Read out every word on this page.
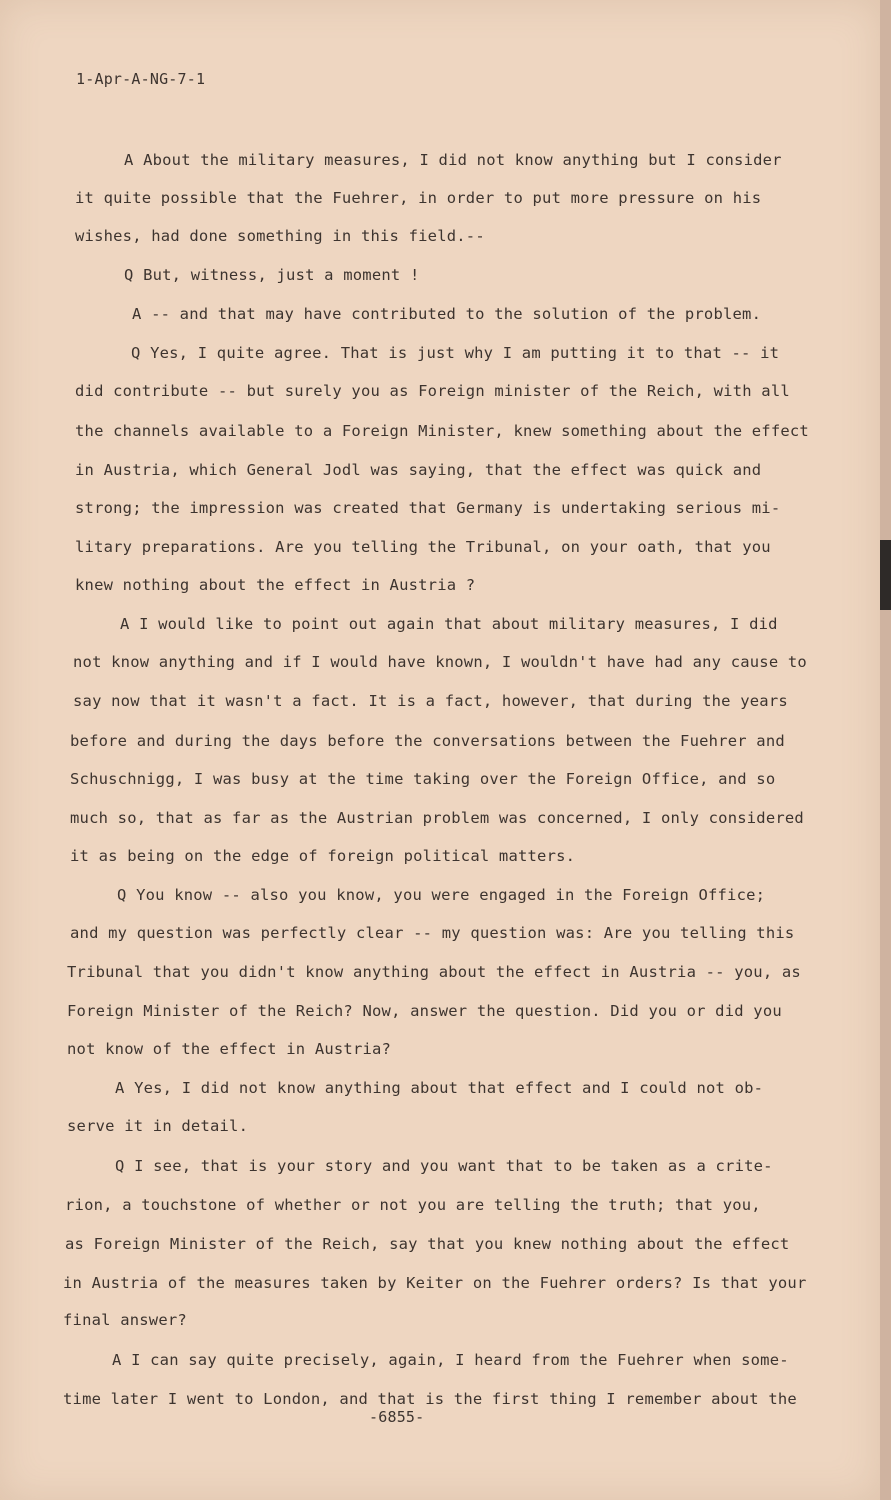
1-Apr-A-NG-7-1
A About the military measures, I did not know anything but I consider
it quite possible that the Fuehrer, in order to put more pressure on his
wishes, had done something in this field.--
Q But, witness, just a moment !
A -- and that may have contributed to the solution of the problem.
Q Yes, I quite agree. That is just why I am putting it to that -- it
did contribute -- but surely you as Foreign minister of the Reich, with all
the channels available to a Foreign Minister, knew something about the effect
in Austria, which General Jodl was saying, that the effect was quick and
strong; the impression was created that Germany is undertaking serious mi-
litary preparations. Are you telling the Tribunal, on your oath, that you
knew nothing about the effect in Austria ?
A I would like to point out again that about military measures, I did
not know anything and if I would have known, I wouldn't have had any cause to
say now that it wasn't a fact. It is a fact, however, that during the years
before and during the days before the conversations between the Fuehrer and
Schuschnigg, I was busy at the time taking over the Foreign Office, and so
much so, that as far as the Austrian problem was concerned, I only considered
it as being on the edge of foreign political matters.
Q You know -- also you know, you were engaged in the Foreign Office;
and my question was perfectly clear -- my question was: Are you telling this
Tribunal that you didn't know anything about the effect in Austria -- you, as
Foreign Minister of the Reich? Now, answer the question. Did you or did you
not know of the effect in Austria?
A Yes, I did not know anything about that effect and I could not ob-
serve it in detail.
Q I see, that is your story and you want that to be taken as a crite-
rion, a touchstone of whether or not you are telling the truth; that you,
as Foreign Minister of the Reich, say that you knew nothing about the effect
in Austria of the measures taken by Keiter on the Fuehrer orders? Is that your
final answer?
A I can say quite precisely, again, I heard from the Fuehrer when some-
time later I went to London, and that is the first thing I remember about the
-6855-
